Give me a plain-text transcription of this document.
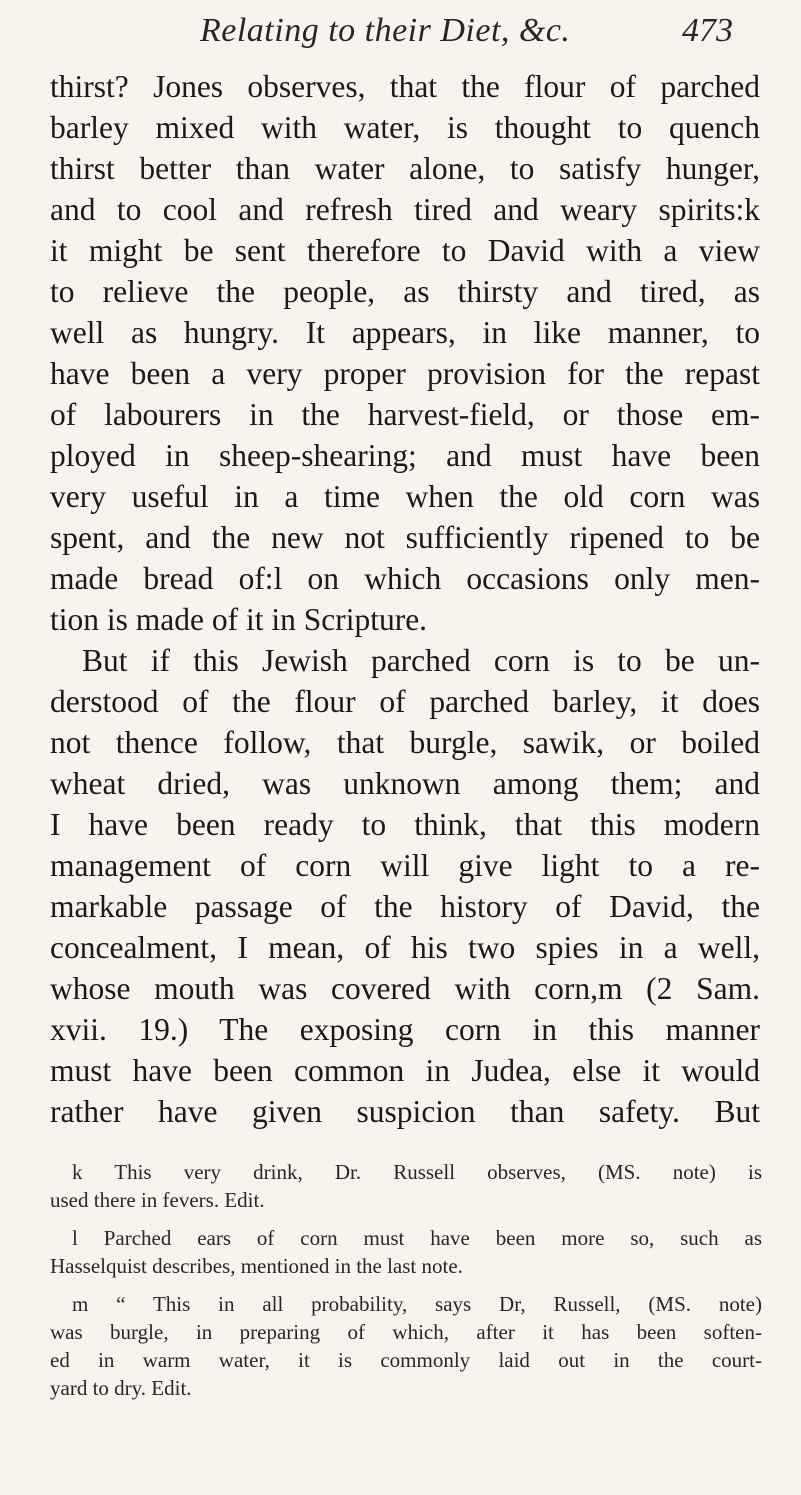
Relating to their Diet, &c.	473
thirst? Jones observes, that the flour of parched
barley mixed with water, is thought to quench
thirst better than water alone, to satisfy hunger,
and to cool and refresh tired and weary spirits:k
it might be sent therefore to David with a view
to relieve the people, as thirsty and tired, as
well as hungry. It appears, in like manner, to
have been a very proper provision for the repast
of labourers in the harvest-field, or those em-
ployed in sheep-shearing; and must have been
very useful in a time when the old corn was
spent, and the new not sufficiently ripened to be
made bread of:l on which occasions only men-
tion is made of it in Scripture.
But if this Jewish parched corn is to be un-
derstood of the flour of parched barley, it does
not thence follow, that burgle, sawik, or boiled
wheat dried, was unknown among them; and
I have been ready to think, that this modern
management of corn will give light to a re-
markable passage of the history of David, the
concealment, I mean, of his two spies in a well,
whose mouth was covered with corn,m (2 Sam.
xvii. 19.) The exposing corn in this manner
must have been common in Judea, else it would
rather have given suspicion than safety. But
k This very drink, Dr. Russell observes, (MS. note) is
used there in fevers. Edit.
l Parched ears of corn must have been more so, such as
Hasselquist describes, mentioned in the last note.
m “ This in all probability, says Dr, Russell, (MS. note)
was burgle, in preparing of which, after it has been soften-
ed in warm water, it is commonly laid out in the court-
yard to dry. Edit.
